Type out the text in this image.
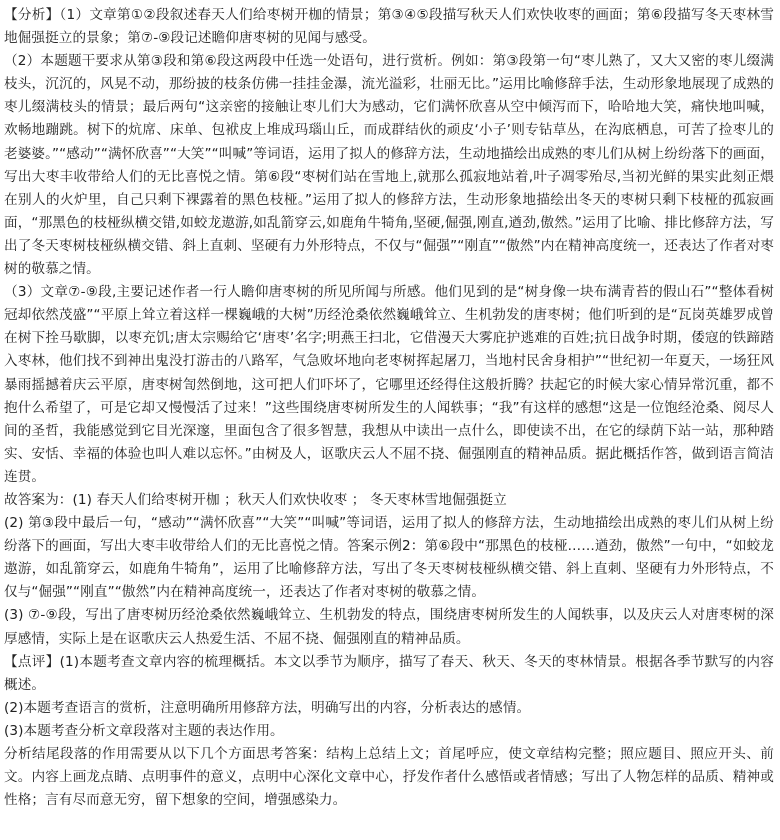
【分析】（1）文章第①②段叙述春天人们给枣树开枷的情景；第③④⑤段描写秋天人们欢快收枣的画面；第⑥段描写冬天枣林雪地倔强挺立的景象；第⑦-⑨段记述瞻仰唐枣树的见闻与感受。

（2）本题题干要求从第③段和第⑥段这两段中任选一处语句，进行赏析。例如：第③段第一句“枣儿熟了，又大又密的枣儿缀满枝头，沉沉的，风晃不动，那纷披的枝条仿佛一挂挂金瀑，流光溢彩，壮丽无比。”运用比喻修辞手法，生动形象地展现了成熟的枣儿缀满枝头的情景；最后两句“这亲密的接触让枣儿们大为感动，它们满怀欣喜从空中倾泻而下，哈哈地大笑，痛快地叫喊，欢畅地蹦跳。树下的炕席、床单、包袱皮上堆成玛瑙山丘，而成群结伙的顽皮‘小子’则专钻草丛，在沟底栖息，可苦了捡枣儿的老婆婆。”“感动”“满怀欣喜”“大笑”“叫喊”等词语，运用了拟人的修辞方法，生动地描绘出成熟的枣儿们从树上纷纷落下的画面，写出大枣丰收带给人们的无比喜悦之情。第⑥段“枣树们站在雪地上,就那么孤寂地站着,叶子凋零殆尽,当初光鲜的果实此刻正煨在别人的火炉里，自己只剩下裸露着的黑色枝桠。”运用了拟人的修辞方法，生动形象地描绘出冬天的枣树只剩下枝桠的孤寂画面，“那黑色的枝桠纵横交错,如蛟龙遨游,如乱箭穿云,如鹿角牛犄角,坚硬,倔强,刚直,遒劲,傲然。”运用了比喻、排比修辞方法，写出了冬天枣树枝桠纵横交错、斜上直刺、坚硬有力外形特点，不仅与“倔强”“刚直”“傲然”内在精神高度统一，还表达了作者对枣树的敬慕之情。

（3）文章⑦-⑨段,主要记述作者一行人瞻仰唐枣树的所见所闻与所感。他们见到的是“树身像一块布满青苔的假山石”“整体看树冠却依然茂盛”“平原上耸立着这样一棵巍峨的大树”历经沧桑依然巍峨耸立、生机勃发的唐枣树；他们听到的是“瓦岗英雄罗成曾在树下拴马歇脚，以枣充饥;唐太宗赐给它‘唐枣’名字;明燕王扫北，它借漫天大雾庇护逃难的百姓;抗日战争时期，倭寇的铁蹄踏入枣林，他们找不到神出鬼没打游击的八路军，气急败坏地向老枣树挥起屠刀，当地村民舍身相护”“世纪初一年夏天，一场狂风暴雨摇撼着庆云平原，唐枣树訇然倒地，这可把人们吓坏了，它哪里还经得住这般折腾？扶起它的时候大家心情异常沉重，都不抱什么希望了，可是它却又慢慢活了过来！”这些围绕唐枣树所发生的人闻轶事；“我”有这样的感想“这是一位饱经沧桑、阅尽人间的圣哲，我能感觉到它目光深邃，里面包含了很多智慧，我想从中读出一点什么，即使读不出，在它的绿荫下站一站，那种踏实、安恬、幸福的体验也叫人难以忘怀。”由树及人，讴歌庆云人不屈不挠、倔强刚直的精神品质。据此概括作答，做到语言简洁连贯。

故答案为：(1) 春天人们给枣树开枷 ；秋天人们欢快收枣 ； 冬天枣林雪地倔强挺立

(2) 第③段中最后一句，“感动”“满怀欣喜”“大笑”“叫喊”等词语，运用了拟人的修辞方法，生动地描绘出成熟的枣儿们从树上纷纷落下的画面，写出大枣丰收带给人们的无比喜悦之情。答案示例2：第⑥段中“那黑色的枝桠……遒劲，傲然”一句中，“如蛟龙遨游，如乱箭穿云，如鹿角牛犄角”，运用了比喻修辞方法，写出了冬天枣树枝桠纵横交错、斜上直刺、坚硬有力外形特点，不仅与“倔强”“刚直”“傲然”内在精神高度统一，还表达了作者对枣树的敬慕之情。

(3) ⑦-⑨段，写出了唐枣树历经沧桑依然巍峨耸立、生机勃发的特点，围绕唐枣树所发生的人闻轶事，以及庆云人对唐枣树的深厚感情，实际上是在讴歌庆云人热爱生活、不屈不挠、倔强刚直的精神品质。

【点评】(1)本题考查文章内容的梳理概括。本文以季节为顺序，描写了春天、秋天、冬天的枣林情景。根据各季节默写的内容概述。

(2)本题考查语言的赏析，注意明确所用修辞方法，明确写出的内容，分析表达的感情。

(3)本题考查分析文章段落对主题的表达作用。

分析结尾段落的作用需要从以下几个方面思考答案：结构上总结上文；首尾呼应，使文章结构完整；照应题目、照应开头、前文。内容上画龙点睛、点明事件的意义，点明中心深化文章中心，抒发作者什么感悟或者情感；写出了人物怎样的品质、精神或性格；言有尽而意无穷，留下想象的空间，增强感染力。
